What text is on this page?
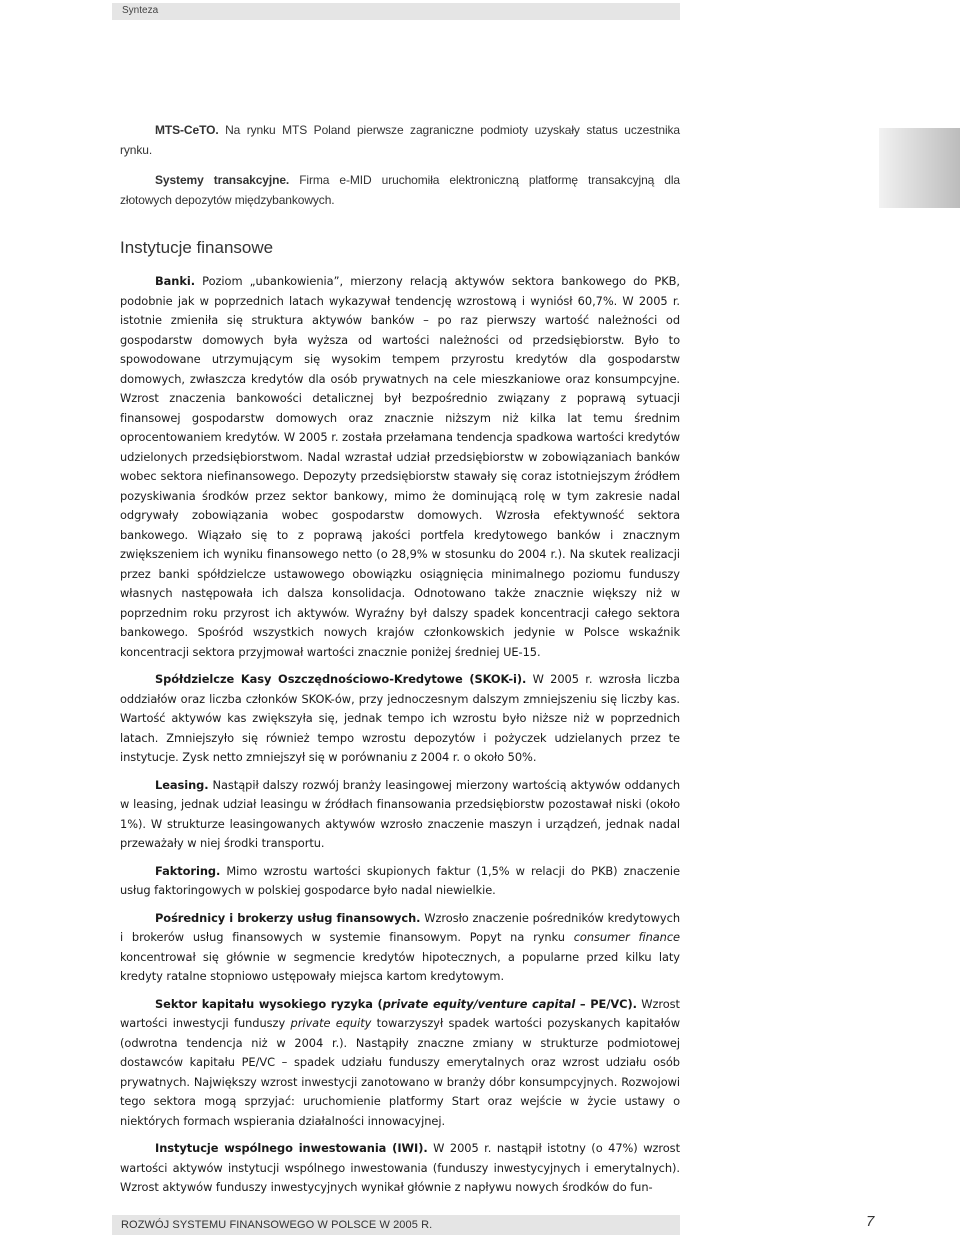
Synteza

MTS-CeTO. Na rynku MTS Poland pierwsze zagraniczne podmioty uzyskały status uczestnika rynku.

Systemy transakcyjne. Firma e-MID uruchomiła elektroniczną platformę transakcyjną dla złotowych depozytów międzybankowych.

Instytucje finansowe

Banki. Poziom „ubankowienia”, mierzony relacją aktywów sektora bankowego do PKB, podobnie jak w poprzednich latach wykazywał tendencję wzrostową i wyniósł 60,7%. W 2005 r. istotnie zmieniła się struktura aktywów banków – po raz pierwszy wartość należności od gospodarstw domowych była wyższa od wartości należności od przedsiębiorstw. Było to spowodowane utrzymującym się wysokim tempem przyrostu kredytów dla gospodarstw domowych, zwłaszcza kredytów dla osób prywatnych na cele mieszkaniowe oraz konsumpcyjne. Wzrost znaczenia bankowości detalicznej był bezpośrednio związany z poprawą sytuacji finansowej gospodarstw domowych oraz znacznie niższym niż kilka lat temu średnim oprocentowaniem kredytów. W 2005 r. została przełamana tendencja spadkowa wartości kredytów udzielonych przedsiębiorstwom. Nadal wzrastał udział przedsiębiorstw w zobowiązaniach banków wobec sektora niefinansowego. Depozyty przedsiębiorstw stawały się coraz istotniejszym źródłem pozyskiwania środków przez sektor bankowy, mimo że dominującą rolę w tym zakresie nadal odgrywały zobowiązania wobec gospodarstw domowych. Wzrosła efektywność sektora bankowego. Wiązało się to z poprawą jakości portfela kredytowego banków i znacznym zwiększeniem ich wyniku finansowego netto (o 28,9% w stosunku do 2004 r.). Na skutek realizacji przez banki spółdzielcze ustawowego obowiązku osiągnięcia minimalnego poziomu funduszy własnych następowała ich dalsza konsolidacja. Odnotowano także znacznie większy niż w poprzednim roku przyrost ich aktywów. Wyraźny był dalszy spadek koncentracji całego sektora bankowego. Spośród wszystkich nowych krajów członkowskich jedynie w Polsce wskaźnik koncentracji sektora przyjmował wartości znacznie poniżej średniej UE-15.

Spółdzielcze Kasy Oszczędnościowo-Kredytowe (SKOK-i). W 2005 r. wzrosła liczba oddziałów oraz liczba członków SKOK-ów, przy jednoczesnym dalszym zmniejszeniu się liczby kas. Wartość aktywów kas zwiększyła się, jednak tempo ich wzrostu było niższe niż w poprzednich latach. Zmniejszyło się również tempo wzrostu depozytów i pożyczek udzielanych przez te instytucje. Zysk netto zmniejszył się w porównaniu z 2004 r. o około 50%.

Leasing. Nastąpił dalszy rozwój branży leasingowej mierzony wartością aktywów oddanych w leasing, jednak udział leasingu w źródłach finansowania przedsiębiorstw pozostawał niski (około 1%). W strukturze leasingowanych aktywów wzrosło znaczenie maszyn i urządzeń, jednak nadal przeważały w niej środki transportu.

Faktoring. Mimo wzrostu wartości skupionych faktur (1,5% w relacji do PKB) znaczenie usług faktoringowych w polskiej gospodarce było nadal niewielkie.

Pośrednicy i brokerzy usług finansowych. Wzrosło znaczenie pośredników kredytowych i brokerów usług finansowych w systemie finansowym. Popyt na rynku consumer finance koncentrował się głównie w segmencie kredytów hipotecznych, a popularne przed kilku laty kredyty ratalne stopniowo ustępowały miejsca kartom kredytowym.

Sektor kapitału wysokiego ryzyka (private equity/venture capital – PE/VC). Wzrost wartości inwestycji funduszy private equity towarzyszył spadek wartości pozyskanych kapitałów (odwrotna tendencja niż w 2004 r.). Nastąpiły znaczne zmiany w strukturze podmiotowej dostawców kapitału PE/VC – spadek udziału funduszy emerytalnych oraz wzrost udziału osób prywatnych. Największy wzrost inwestycji zanotowano w branży dóbr konsumpcyjnych. Rozwojowi tego sektora mogą sprzyjać: uruchomienie platformy Start oraz wejście w życie ustawy o niektórych formach wspierania działalności innowacyjnej.

Instytucje wspólnego inwestowania (IWI). W 2005 r. nastąpił istotny (o 47%) wzrost wartości aktywów instytucji wspólnego inwestowania (funduszy inwestycyjnych i emerytalnych). Wzrost aktywów funduszy inwestycyjnych wynikał głównie z napływu nowych środków do fun-

ROZWÓJ SYSTEMU FINANSOWEGO W POLSCE W 2005 R.	7
